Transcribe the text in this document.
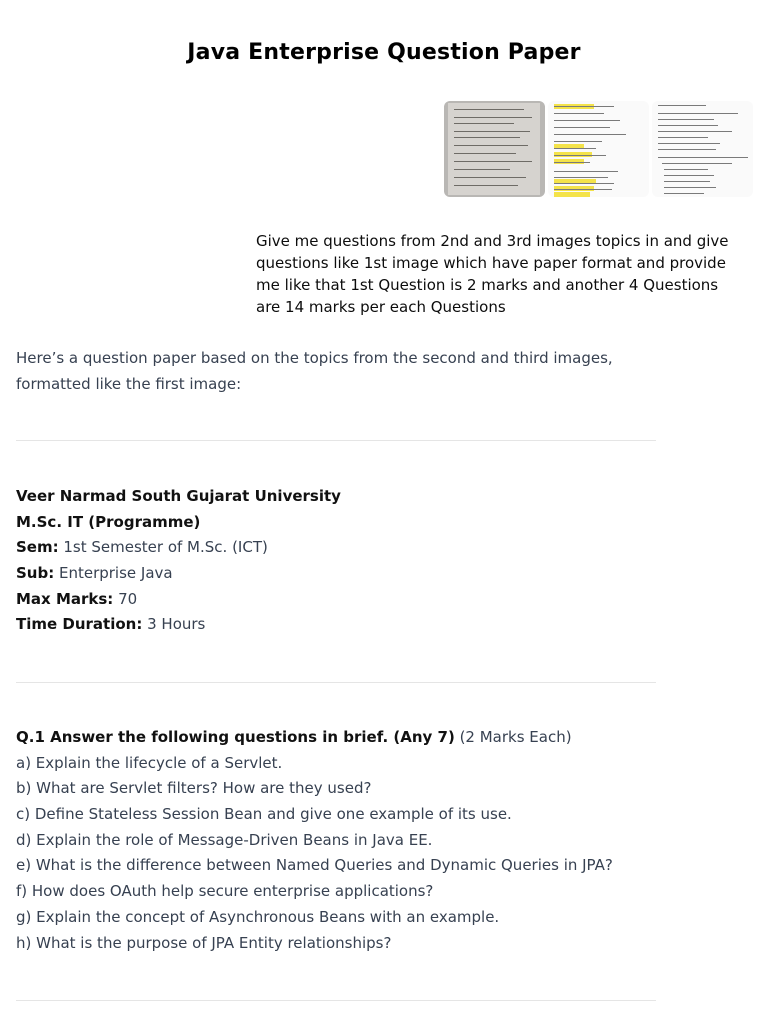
Java Enterprise Question Paper
Give me questions from 2nd and 3rd images topics in and give questions like 1st image which have paper format and provide me like that 1st Question is 2 marks and another 4 Questions are 14 marks per each Questions
Here’s a question paper based on the topics from the second and third images, formatted like the first image:
Veer Narmad South Gujarat University
M.Sc. IT (Programme)
Sem: 1st Semester of M.Sc. (ICT)
Sub: Enterprise Java
Max Marks: 70
Time Duration: 3 Hours
Q.1 Answer the following questions in brief. (Any 7) (2 Marks Each)
a) Explain the lifecycle of a Servlet.
b) What are Servlet filters? How are they used?
c) Define Stateless Session Bean and give one example of its use.
d) Explain the role of Message-Driven Beans in Java EE.
e) What is the difference between Named Queries and Dynamic Queries in JPA?
f) How does OAuth help secure enterprise applications?
g) Explain the concept of Asynchronous Beans with an example.
h) What is the purpose of JPA Entity relationships?
